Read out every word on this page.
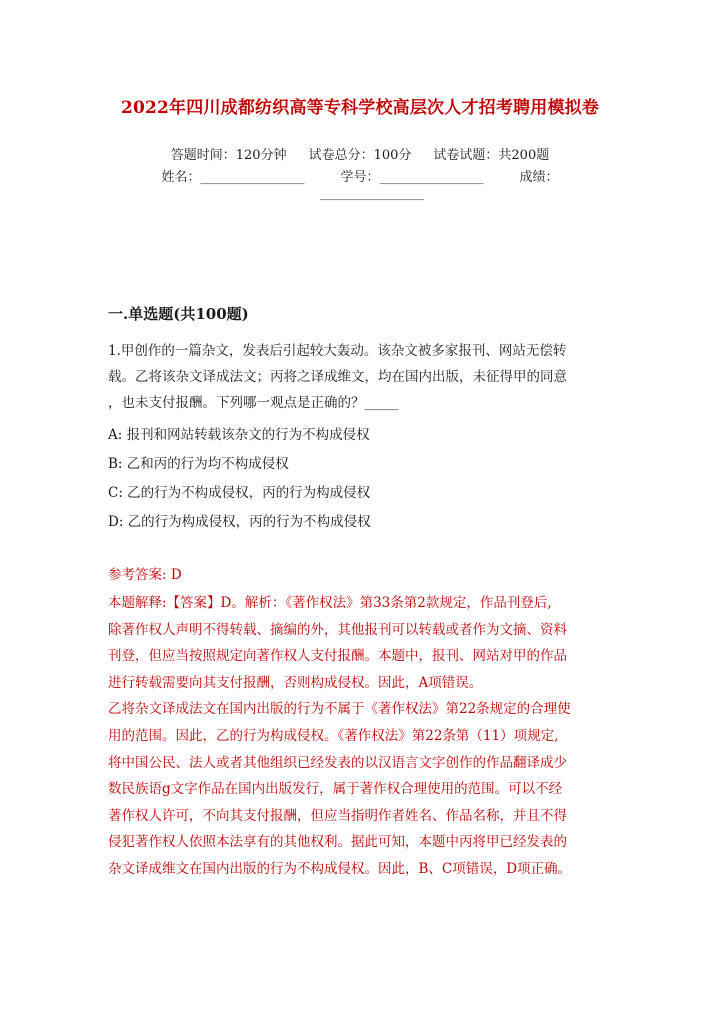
2022年四川成都纺织高等专科学校高层次人才招考聘用模拟卷
答题时间：120分钟 试卷总分：100分 试卷试题：共200题
姓名：________________	学号：________________	成绩：
________________
一.单选题(共100题)
1.甲创作的一篇杂文，发表后引起较大轰动。该杂文被多家报刊、网站无偿转
载。乙将该杂文译成法文；丙将之译成维文，均在国内出版，未征得甲的同意
，也未支付报酬。下列哪一观点是正确的？_____
A: 报刊和网站转载该杂文的行为不构成侵权
B: 乙和丙的行为均不构成侵权
C: 乙的行为不构成侵权，丙的行为构成侵权
D: 乙的行为构成侵权，丙的行为不构成侵权
参考答案: D
本题解释:【答案】D。解析：《著作权法》第33条第2款规定，作品刊登后,
除著作权人声明不得转载、摘编的外，其他报刊可以转载或者作为文摘、资料
刊登，但应当按照规定向著作权人支付报酬。本题中，报刊、网站对甲的作品
进行转载需要向其支付报酬，否则构成侵权。因此，A项错误。
乙将杂文译成法文在国内出版的行为不属于《著作权法》第22条规定的合理使
用的范围。因此，乙的行为构成侵权。《著作权法》第22条第（11）项规定,
将中国公民、法人或者其他组织已经发表的以汉语言文字创作的作品翻译成少
数民族语g文字作品在国内出版发行，属于著作权合理使用的范围。可以不经
著作权人许可，不向其支付报酬，但应当指明作者姓名、作品名称，并且不得
侵犯著作权人依照本法享有的其他权利。据此可知，本题中丙将甲已经发表的
杂文译成维文在国内出版的行为不构成侵权。因此，B、C项错误，D项正确。
